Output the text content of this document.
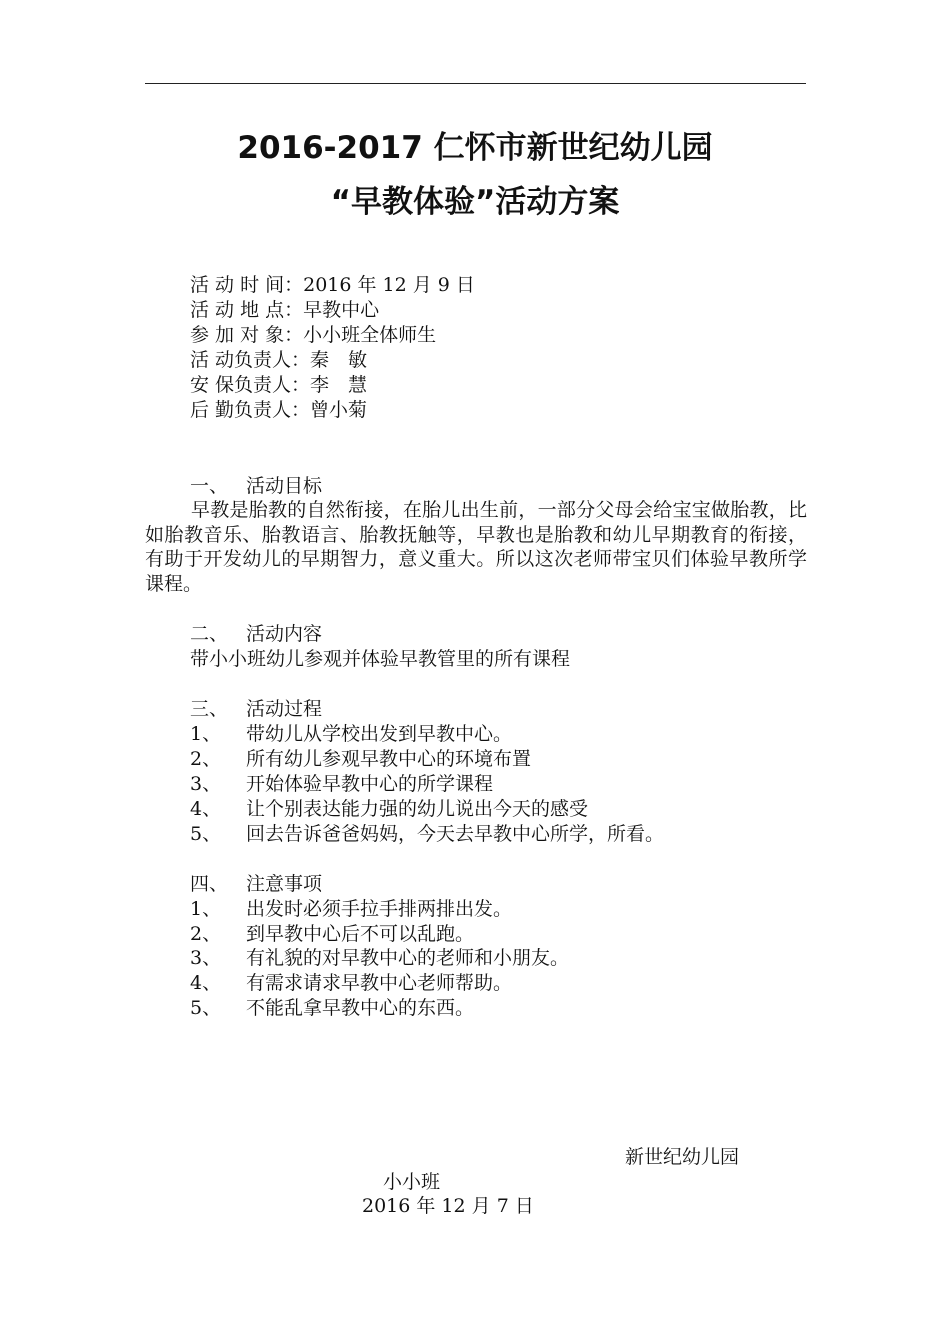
2016-2017 仁怀市新世纪幼儿园
“早教体验”活动方案
活 动 时 间：2016 年 12 月 9 日
活 动 地 点：早教中心
参 加 对 象：小小班全体师生
活 动负责人：秦　敏
安 保负责人：李　慧
后 勤负责人：曾小菊
一、 活动目标
早教是胎教的自然衔接，在胎儿出生前，一部分父母会给宝宝做胎教，比如胎教音乐、胎教语言、胎教抚触等，早教也是胎教和幼儿早期教育的衔接，有助于开发幼儿的早期智力，意义重大。所以这次老师带宝贝们体验早教所学课程。
二、 活动内容
带小小班幼儿参观并体验早教管里的所有课程
三、 活动过程
1、 带幼儿从学校出发到早教中心。
2、 所有幼儿参观早教中心的环境布置
3、 开始体验早教中心的所学课程
4、 让个别表达能力强的幼儿说出今天的感受
5、 回去告诉爸爸妈妈，今天去早教中心所学，所看。
四、 注意事项
1、 出发时必须手拉手排两排出发。
2、 到早教中心后不可以乱跑。
3、 有礼貌的对早教中心的老师和小朋友。
4、 有需求请求早教中心老师帮助。
5、 不能乱拿早教中心的东西。
新世纪幼儿园
小小班
2016 年 12 月 7 日
